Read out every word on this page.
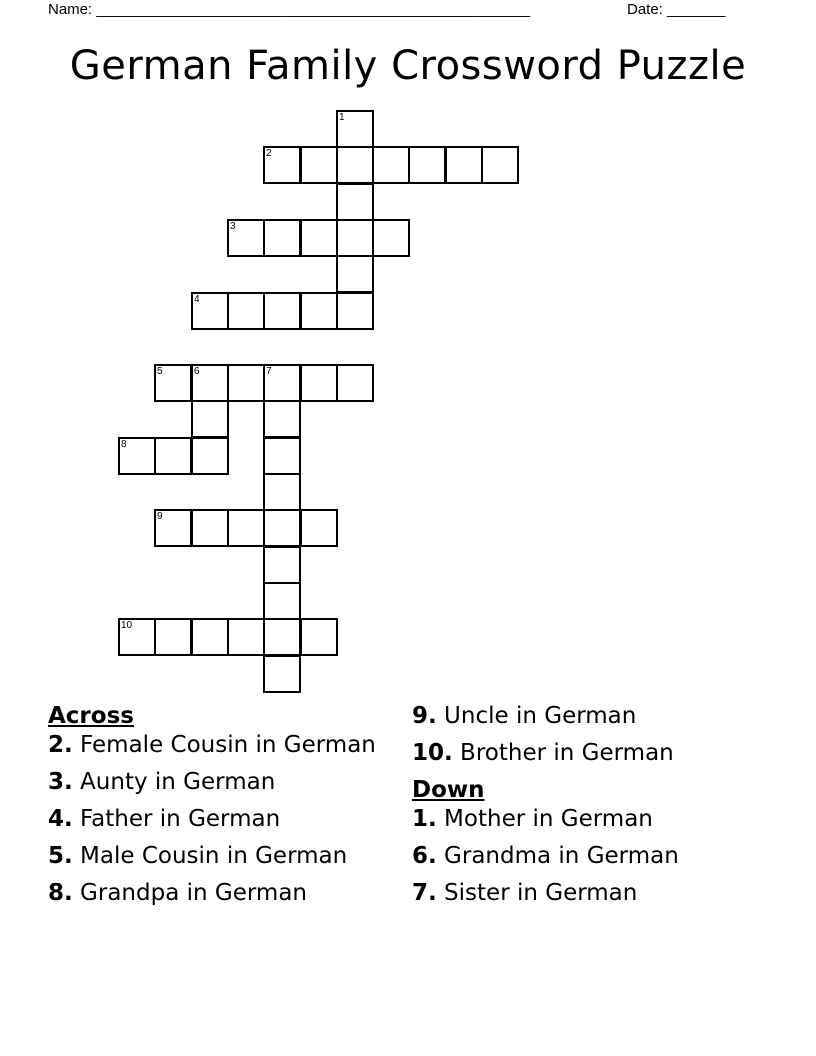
Name: ____________________________________________________	Date: _______
German Family Crossword Puzzle
1
2
3
4
5	6	7
8
9
10
Across
2. Female Cousin in German
3. Aunty in German
4. Father in German
5. Male Cousin in German
8. Grandpa in German
9. Uncle in German
10. Brother in German
Down
1. Mother in German
6. Grandma in German
7. Sister in German
